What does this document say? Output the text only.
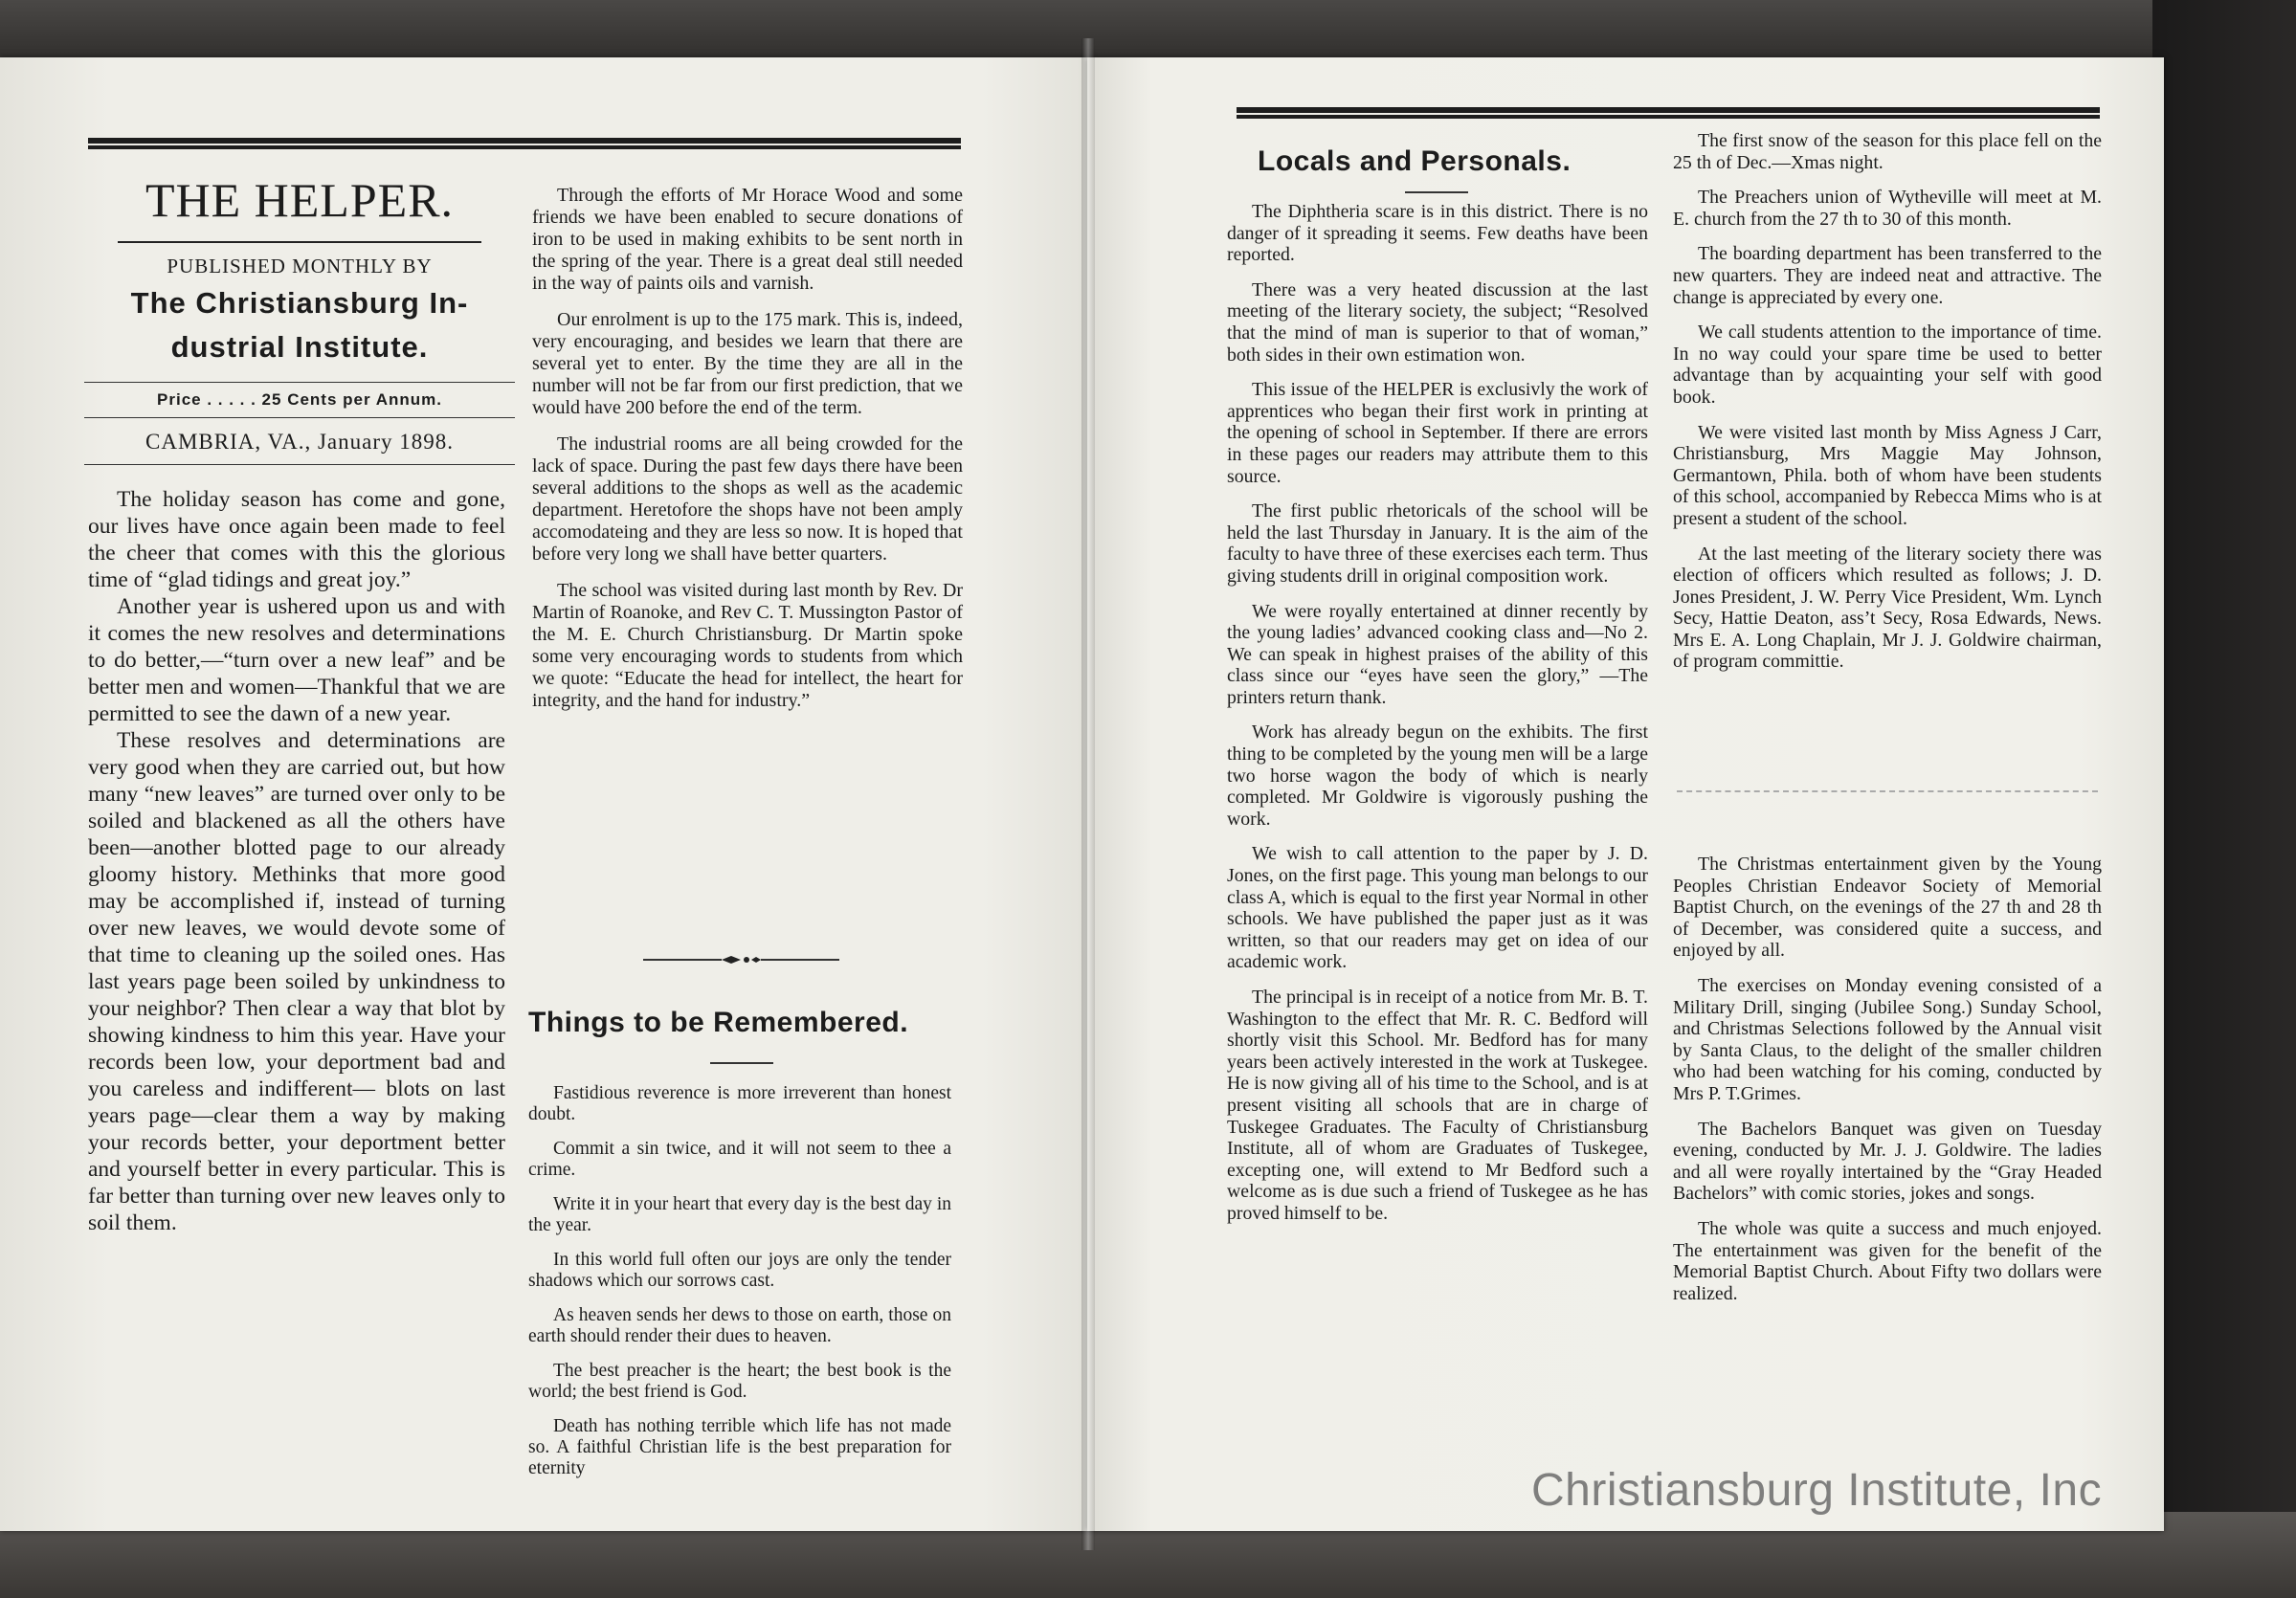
THE HELPER.
PUBLISHED MONTHLY BY
The Christiansburg In-
dustrial Institute.
Price . . . . . 25 Cents per Annum.
CAMBRIA, VA., January 1898.

The holiday season has come and gone, our lives have once again been made to feel the cheer that comes with this the glorious time of “glad tidings and great joy.”

Another year is ushered upon us and with it comes the new resolves and determinations to do better,—“turn over a new leaf” and be better men and women—Thankful that we are permitted to see the dawn of a new year.

These resolves and determinations are very good when they are carried out, but how many “new leaves” are turned over only to be soiled and blackened as all the others have been—another blotted page to our already gloomy history. Methinks that more good may be accomplished if, instead of turning over new leaves, we would devote some of that time to cleaning up the soiled ones. Has last years page been soiled by unkindness to your neighbor? Then clear a way that blot by showing kindness to him this year. Have your records been low, your deportment bad and you careless and indifferent— blots on last years page—clear them a way by making your records better, your deportment better and yourself better in every particular. This is far better than turning over new leaves only to soil them.

Through the efforts of Mr Horace Wood and some friends we have been enabled to secure donations of iron to be used in making exhibits to be sent north in the spring of the year. There is a great deal still needed in the way of paints oils and varnish.

Our enrolment is up to the 175 mark. This is, indeed, very encouraging, and besides we learn that there are several yet to enter. By the time they are all in the number will not be far from our first prediction, that we would have 200 before the end of the term.

The industrial rooms are all being crowded for the lack of space. During the past few days there have been several additions to the shops as well as the academic department. Heretofore the shops have not been amply accomodateing and they are less so now. It is hoped that before very long we shall have better quarters.

The school was visited during last month by Rev. Dr Martin of Roanoke, and Rev C. T. Mussington Pastor of the M. E. Church Christiansburg. Dr Martin spoke some very encouraging words to students from which we quote: “Educate the head for intellect, the heart for integrity, and the hand for industry.”

Things to be Remembered.

Fastidious reverence is more irreverent than honest doubt.

Commit a sin twice, and it will not seem to thee a crime.

Write it in your heart that every day is the best day in the year.

In this world full often our joys are only the tender shadows which our sorrows cast.

As heaven sends her dews to those on earth, those on earth should render their dues to heaven.

The best preacher is the heart; the best book is the world; the best friend is God.

Death has nothing terrible which life has not made so. A faithful Christian life is the best preparation for eternity

Locals and Personals.

The Diphtheria scare is in this district. There is no danger of it spreading it seems. Few deaths have been reported.

There was a very heated discussion at the last meeting of the literary society, the subject; “Resolved that the mind of man is superior to that of woman,” both sides in their own estimation won.

This issue of the HELPER is exclusivly the work of apprentices who began their first work in printing at the opening of school in September. If there are errors in these pages our readers may attribute them to this source.

The first public rhetoricals of the school will be held the last Thursday in January. It is the aim of the faculty to have three of these exercises each term. Thus giving students drill in original composition work.

We were royally entertained at dinner recently by the young ladies’ advanced cooking class and—No 2. We can speak in highest praises of the ability of this class since our “eyes have seen the glory,” —The printers return thank.

Work has already begun on the exhibits. The first thing to be completed by the young men will be a large two horse wagon the body of which is nearly completed. Mr Goldwire is vigorously pushing the work.

We wish to call attention to the paper by J. D. Jones, on the first page. This young man belongs to our class A, which is equal to the first year Normal in other schools. We have published the paper just as it was written, so that our readers may get on idea of our academic work.

The principal is in receipt of a notice from Mr. B. T. Washington to the effect that Mr. R. C. Bedford will shortly visit this School. Mr. Bedford has for many years been actively interested in the work at Tuskegee. He is now giving all of his time to the School, and is at present visiting all schools that are in charge of Tuskegee Graduates. The Faculty of Christiansburg Institute, all of whom are Graduates of Tuskegee, excepting one, will extend to Mr Bedford such a welcome as is due such a friend of Tuskegee as he has proved himself to be.

The first snow of the season for this place fell on the 25 th of Dec.—Xmas night.

The Preachers union of Wytheville will meet at M. E. church from the 27 th to 30 of this month.

The boarding department has been transferred to the new quarters. They are indeed neat and attractive. The change is appreciated by every one.

We call students attention to the importance of time. In no way could your spare time be used to better advantage than by acquainting your self with good book.

We were visited last month by Miss Agness J Carr, Christiansburg, Mrs Maggie May Johnson, Germantown, Phila. both of whom have been students of this school, accompanied by Rebecca Mims who is at present a student of the school.

At the last meeting of the literary society there was election of officers which resulted as follows; J. D. Jones President, J. W. Perry Vice President, Wm. Lynch Secy, Hattie Deaton, ass’t Secy, Rosa Edwards, News. Mrs E. A. Long Chaplain, Mr J. J. Goldwire chairman, of program committie.

The Christmas entertainment given by the Young Peoples Christian Endeavor Society of Memorial Baptist Church, on the evenings of the 27 th and 28 th of December, was considered quite a success, and enjoyed by all.

The exercises on Monday evening consisted of a Military Drill, singing (Jubilee Song.) Sunday School, and Christmas Selections followed by the Annual visit by Santa Claus, to the delight of the smaller children who had been watching for his coming, conducted by Mrs P. T.Grimes.

The Bachelors Banquet was given on Tuesday evening, conducted by Mr. J. J. Goldwire. The ladies and all were royally intertained by the “Gray Headed Bachelors” with comic stories, jokes and songs.

The whole was quite a success and much enjoyed. The entertainment was given for the benefit of the Memorial Baptist Church. About Fifty two dollars were realized.

Christiansburg Institute, Inc
